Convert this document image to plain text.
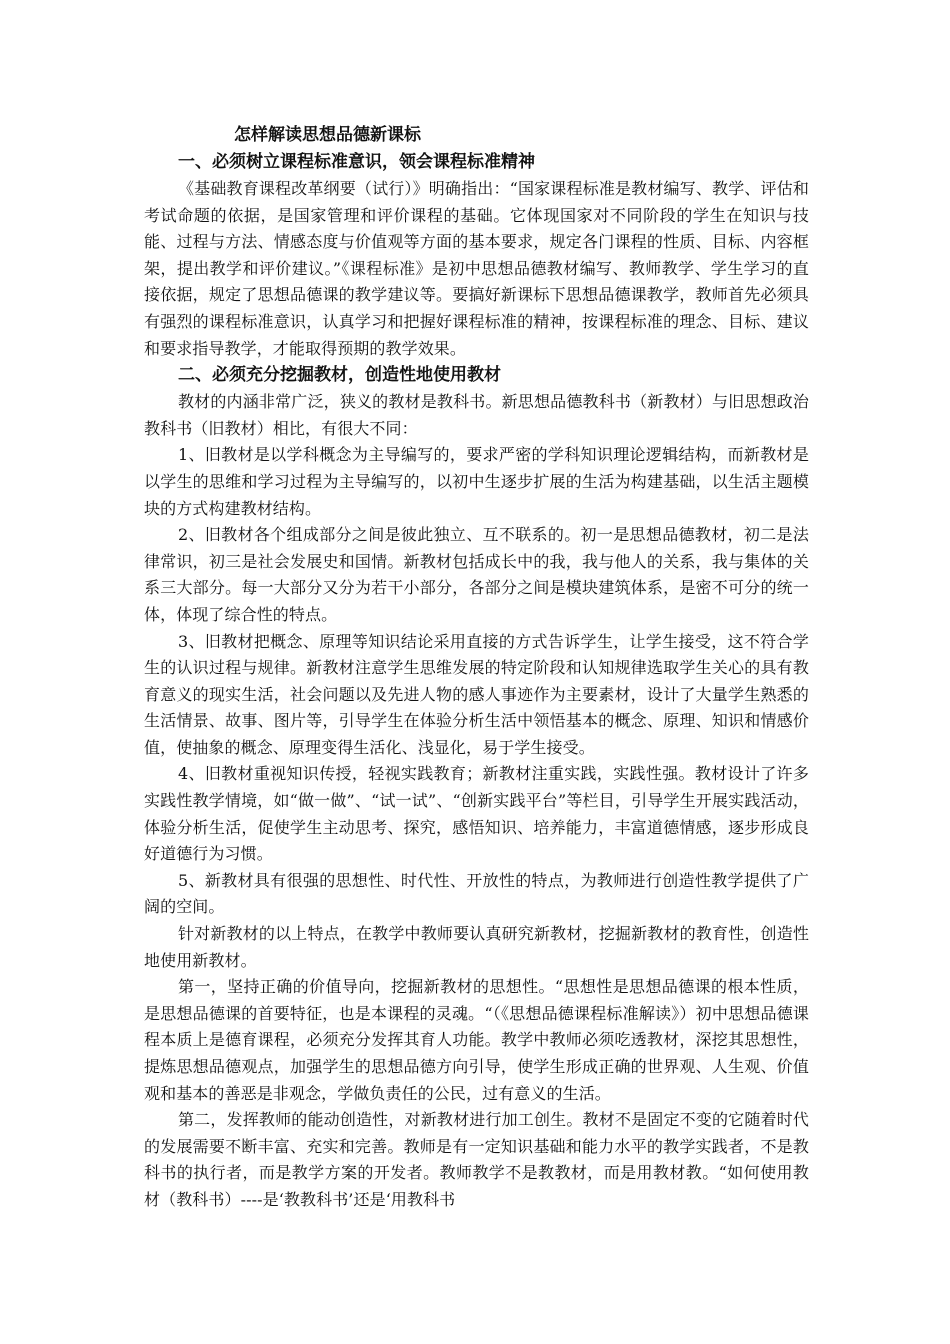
怎样解读思想品德新课标
一、必须树立课程标准意识，领会课程标准精神

《基础教育课程改革纲要（试行）》明确指出：“国家课程标准是教材编写、教学、评估和考试命题的依据，是国家管理和评价课程的基础。它体现国家对不同阶段的学生在知识与技能、过程与方法、情感态度与价值观等方面的基本要求，规定各门课程的性质、目标、内容框架，提出教学和评价建议。”《课程标准》是初中思想品德教材编写、教师教学、学生学习的直接依据，规定了思想品德课的教学建议等。要搞好新课标下思想品德课教学，教师首先必须具有强烈的课程标准意识，认真学习和把握好课程标准的精神，按课程标准的理念、目标、建议和要求指导教学，才能取得预期的教学效果。

二、必须充分挖掘教材，创造性地使用教材

教材的内涵非常广泛，狭义的教材是教科书。新思想品德教科书（新教材）与旧思想政治教科书（旧教材）相比，有很大不同：

1、旧教材是以学科概念为主导编写的，要求严密的学科知识理论逻辑结构，而新教材是以学生的思维和学习过程为主导编写的，以初中生逐步扩展的生活为构建基础，以生活主题模块的方式构建教材结构。

2、旧教材各个组成部分之间是彼此独立、互不联系的。初一是思想品德教材，初二是法律常识，初三是社会发展史和国情。新教材包括成长中的我，我与他人的关系，我与集体的关系三大部分。每一大部分又分为若干小部分，各部分之间是模块建筑体系，是密不可分的统一体，体现了综合性的特点。

3、旧教材把概念、原理等知识结论采用直接的方式告诉学生，让学生接受，这不符合学生的认识过程与规律。新教材注意学生思维发展的特定阶段和认知规律选取学生关心的具有教育意义的现实生活，社会问题以及先进人物的感人事迹作为主要素材，设计了大量学生熟悉的生活情景、故事、图片等，引导学生在体验分析生活中领悟基本的概念、原理、知识和情感价值，使抽象的概念、原理变得生活化、浅显化，易于学生接受。

4、旧教材重视知识传授，轻视实践教育；新教材注重实践，实践性强。教材设计了许多实践性教学情境，如“做一做”、“试一试”、“创新实践平台”等栏目，引导学生开展实践活动，体验分析生活，促使学生主动思考、探究，感悟知识、培养能力，丰富道德情感，逐步形成良好道德行为习惯。

5、新教材具有很强的思想性、时代性、开放性的特点，为教师进行创造性教学提供了广阔的空间。

针对新教材的以上特点，在教学中教师要认真研究新教材，挖掘新教材的教育性，创造性地使用新教材。

第一，坚持正确的价值导向，挖掘新教材的思想性。“思想性是思想品德课的根本性质，是思想品德课的首要特征，也是本课程的灵魂。“（《思想品德课程标准解读》）初中思想品德课程本质上是德育课程，必须充分发挥其育人功能。教学中教师必须吃透教材，深挖其思想性，提炼思想品德观点，加强学生的思想品德方向引导，使学生形成正确的世界观、人生观、价值观和基本的善恶是非观念，学做负责任的公民，过有意义的生活。

第二，发挥教师的能动创造性，对新教材进行加工创生。教材不是固定不变的它随着时代的发展需要不断丰富、充实和完善。教师是有一定知识基础和能力水平的教学实践者，不是教科书的执行者，而是教学方案的开发者。教师教学不是教教材，而是用教材教。“如何使用教材（教科书）----是‘教教科书’还是‘用教科书
